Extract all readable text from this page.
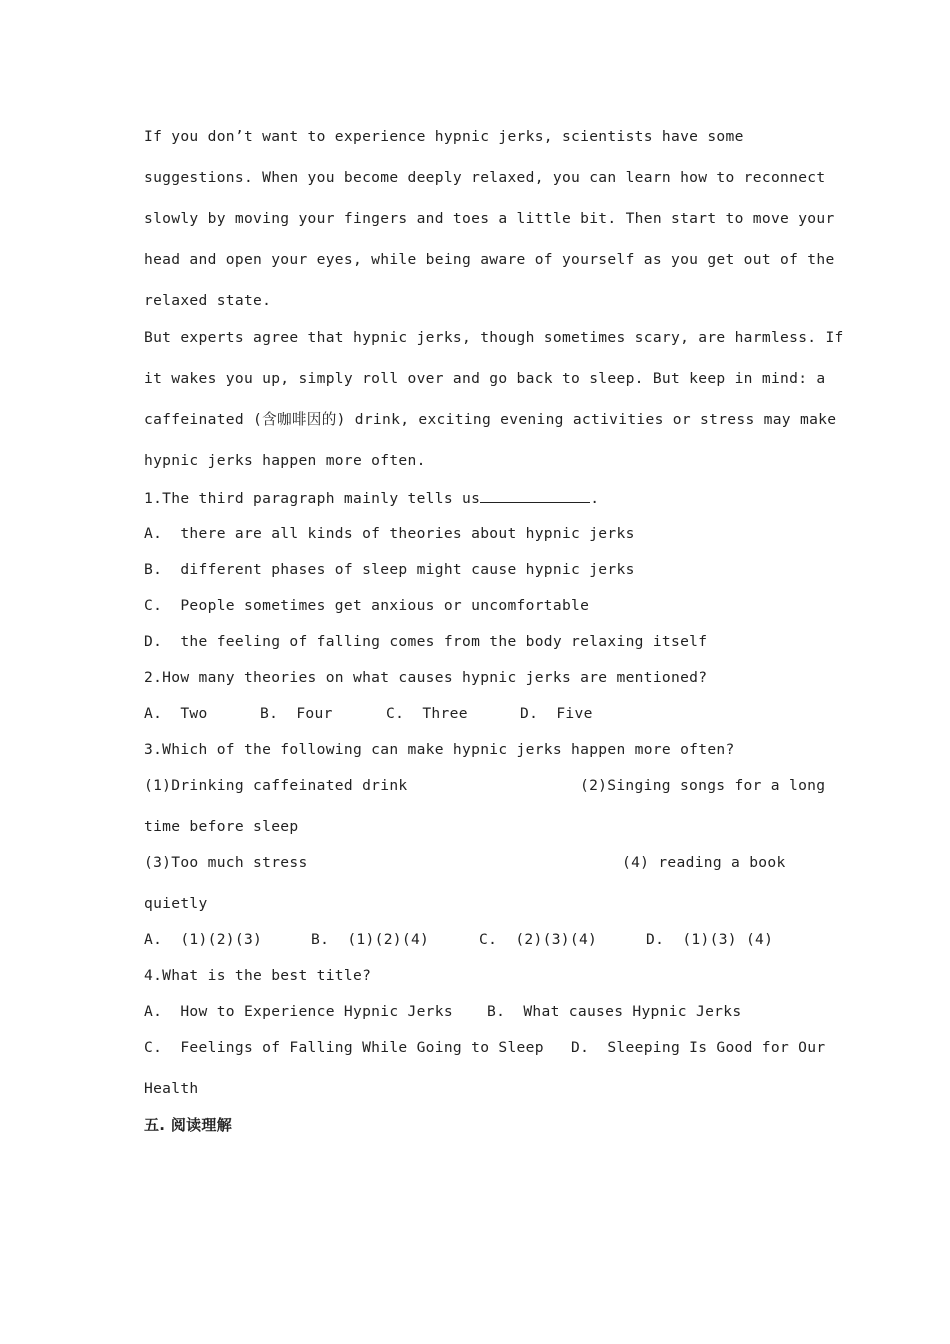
If you don’t want to experience hypnic jerks, scientists have some

suggestions. When you become deeply relaxed, you can learn how to reconnect

slowly by moving your fingers and toes a little bit. Then start to move your

head and open your eyes, while being aware of yourself as you get out of the

relaxed state.

But experts agree that hypnic jerks, though sometimes scary, are harmless. If

it wakes you up, simply roll over and go back to sleep. But keep in mind: a

caffeinated (含咖啡因的) drink, exciting evening activities or stress may make

hypnic jerks happen more often.

1.The third paragraph mainly tells us	.

A.  there are all kinds of theories about hypnic jerks

B.  different phases of sleep might cause hypnic jerks

C.  People sometimes get anxious or uncomfortable

D.  the feeling of falling comes from the body relaxing itself

2.How many theories on what causes hypnic jerks are mentioned?

A.  Two	B.  Four	C.  Three	D.  Five

3.Which of the following can make hypnic jerks happen more often?

(1)Drinking caffeinated drink	(2)Singing songs for a long

time before sleep

(3)Too much stress	(4) reading a book

quietly

A.  (1)(2)(3)	B.  (1)(2)(4)	C.  (2)(3)(4)	D.  (1)(3) (4)

4.What is the best title?

A.  How to Experience Hypnic Jerks B.  What causes Hypnic Jerks
C.  Feelings of Falling While Going to Sleep D.  Sleeping Is Good for Our

Health

五. 阅读理解
